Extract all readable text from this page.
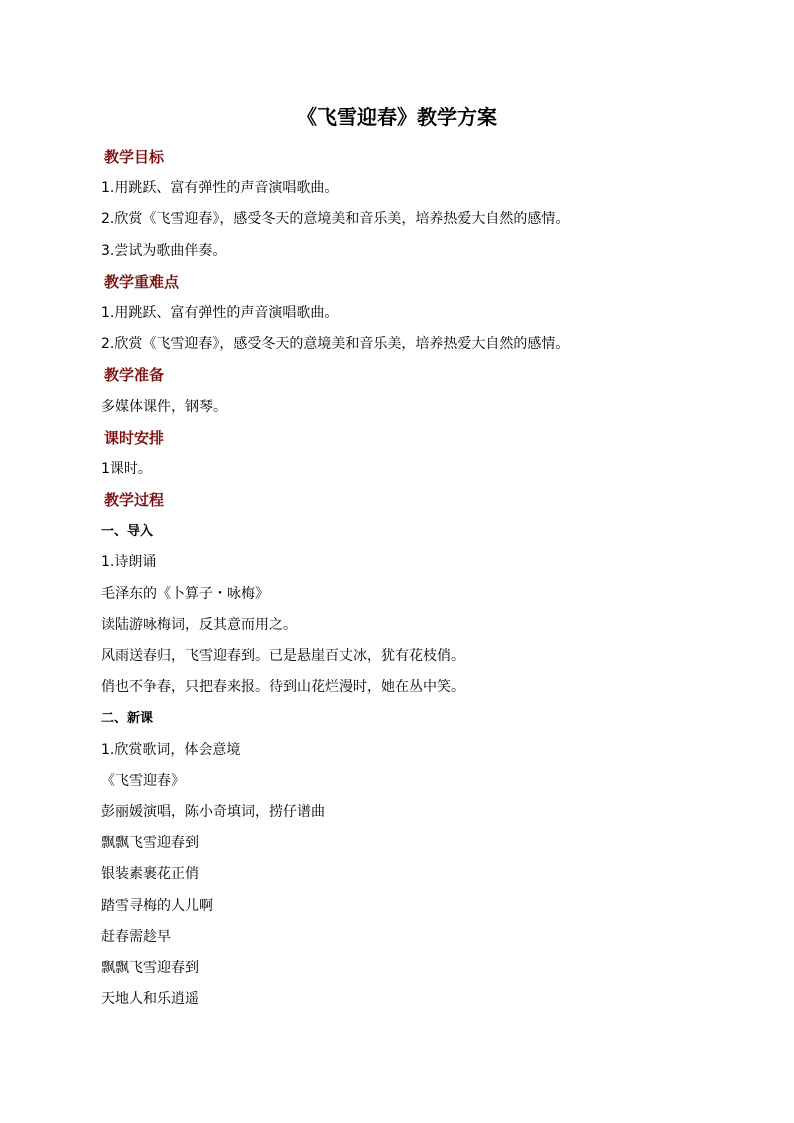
《飞雪迎春》教学方案
教学目标
1.用跳跃、富有弹性的声音演唱歌曲。
2.欣赏《飞雪迎春》，感受冬天的意境美和音乐美，培养热爱大自然的感情。
3.尝试为歌曲伴奏。
教学重难点
1.用跳跃、富有弹性的声音演唱歌曲。
2.欣赏《飞雪迎春》，感受冬天的意境美和音乐美，培养热爱大自然的感情。
教学准备
多媒体课件，钢琴。
课时安排
1课时。
教学过程
一、导入
1.诗朗诵
毛泽东的《卜算子・咏梅》
读陆游咏梅词，反其意而用之。
风雨送春归，飞雪迎春到。已是悬崖百丈冰，犹有花枝俏。
俏也不争春，只把春来报。待到山花烂漫时，她在丛中笑。
二、新课
1.欣赏歌词，体会意境
《飞雪迎春》
彭丽媛演唱，陈小奇填词，捞仔谱曲
飘飘飞雪迎春到
银装素裹花正俏
踏雪寻梅的人儿啊
赶春需趁早
飘飘飞雪迎春到
天地人和乐逍遥
